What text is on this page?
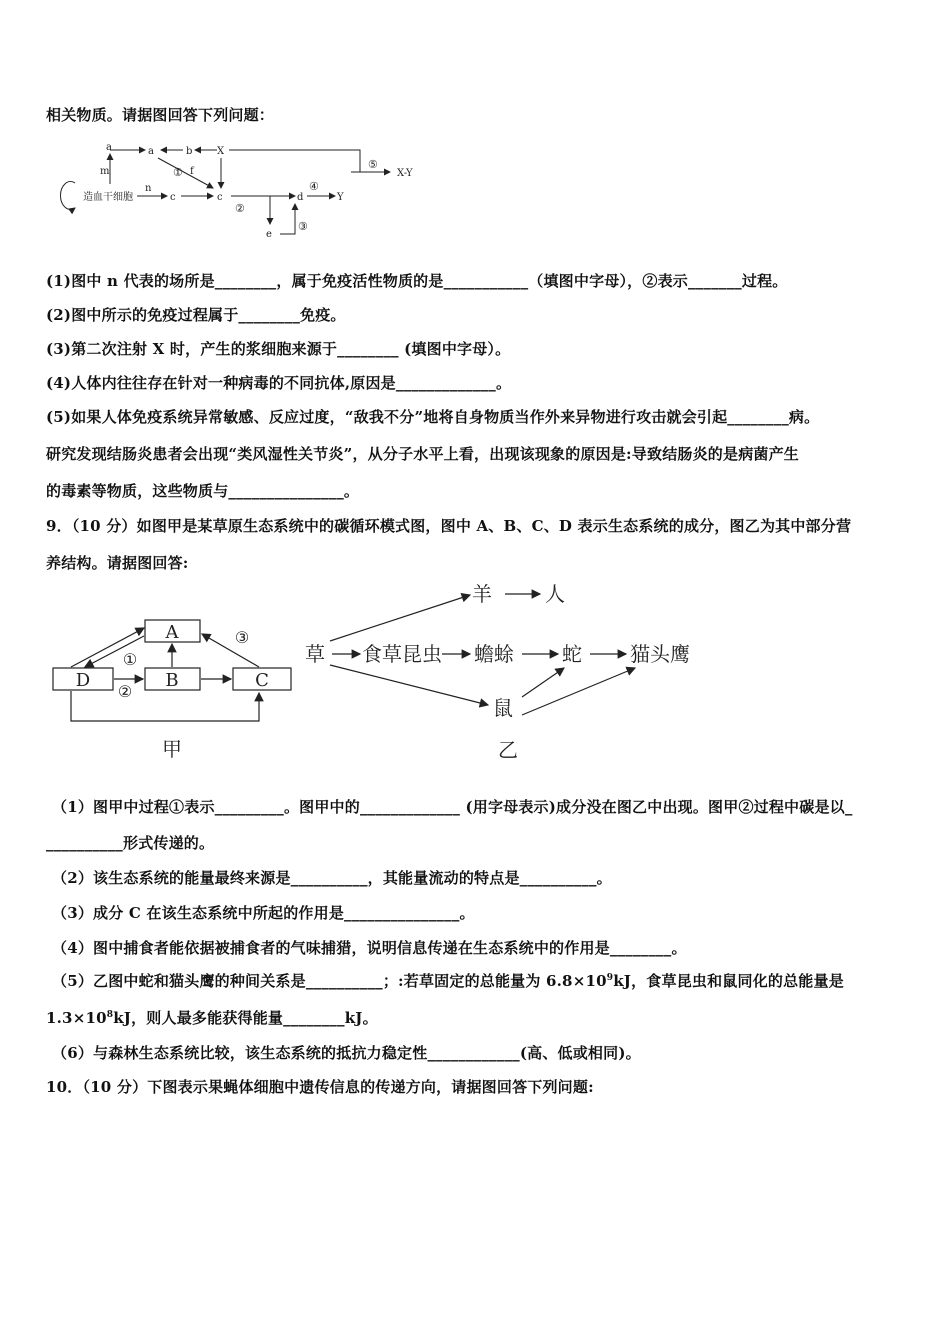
相关物质。请据图回答下列问题：
造血干细胞
a	a	b X
m	f
n
c	c	d	Y
e
X-Y
①
②
③
④
⑤
(1)图中 n 代表的场所是________，属于免疫活性物质的是___________（填图中字母），②表示_______过程。
(2)图中所示的免疫过程属于________免疫。
(3)第二次注射 X 时，产生的浆细胞来源于________ (填图中字母）。
(4)人体内往往存在针对一种病毒的不同抗体,原因是_____________。
(5)如果人体免疫系统异常敏感、反应过度，“敌我不分”地将自身物质当作外来异物进行攻击就会引起________病。
研究发现结肠炎患者会出现“类风湿性关节炎”，从分子水平上看，出现该现象的原因是:导致结肠炎的是病菌产生
的毒素等物质，这些物质与_______________。
9．（10 分）如图甲是某草原生态系统中的碳循环模式图，图中 A、B、C、D 表示生态系统的成分，图乙为其中部分营
养结构。请据图回答:
A
D	B	C
①
②
③
甲
羊	人
草 食草昆虫 蟾蜍 蛇 猫头鹰
鼠
乙
（1）图甲中过程①表示_________。图甲中的_____________ (用字母表示)成分没在图乙中出现。图甲②过程中碳是以_
__________形式传递的。
（2）该生态系统的能量最终来源是__________，其能量流动的特点是__________。
（3）成分 C 在该生态系统中所起的作用是_______________。
（4）图中捕食者能依据被捕食者的气味捕猎，说明信息传递在生态系统中的作用是________。
（5）乙图中蛇和猫头鹰的种间关系是__________；:若草固定的总能量为 $6.8\times 10^9kJ$，食草昆虫和鼠同化的总能量是
$1.3\times 10^8kJ$，则人最多能获得能量________kJ。
（6）与森林生态系统比较，该生态系统的抵抗力稳定性____________(高、低或相同)。
10．（10 分）下图表示果蝇体细胞中遗传信息的传递方向，请据图回答下列问题:
